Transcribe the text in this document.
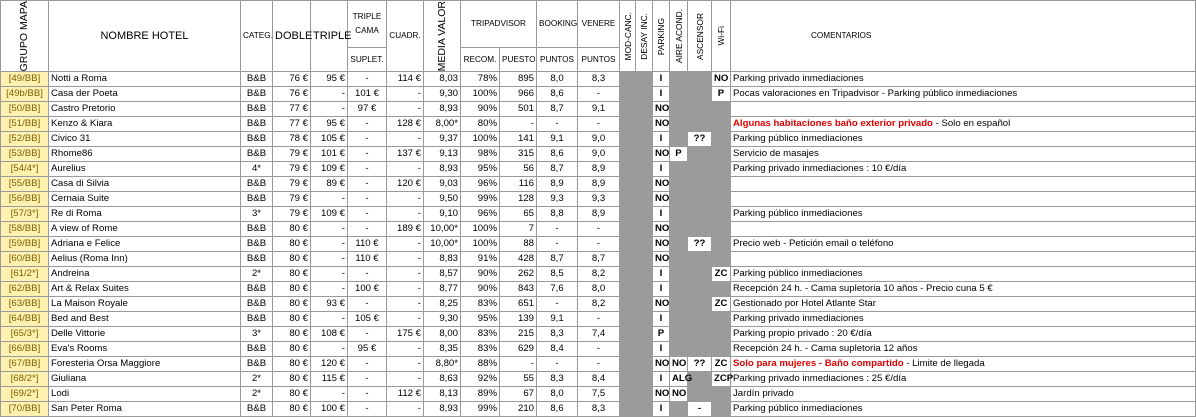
GRUPO MAPA	NOMBRE HOTEL	CATEG.	DOBLE	TRIPLE	TRIPLE
CAMA	CUADR.	MEDIA VALOR	TRIPADVISOR		BOOKING	VENERE	MOD-CANC.	DESAY INC.	PARKING	AIRE ACOND.	ASCENSOR	Wi-Fi	COMENTARIOS
					SUPLET.			RECOM.	PUESTO	PUNTOS	PUNTOS							
[49/BB]	Notti a Roma	B&B	76 €	95 €	-	114 €	8,03	78%	895	8,0	8,3			I			NO	Parking privado inmediaciones
[49b/BB]	Casa der Poeta	B&B	76 €	-	101 €	-	9,30	100%	966	8,6	-			I			P	Pocas valoraciones en Tripadvisor - Parking público inmediaciones
[50/BB]	Castro Pretorio	B&B	77 €	-	97 €	-	8,93	90%	501	8,7	9,1			NO				
[51/BB]	Kenzo & Kiara	B&B	77 €	95 €	-	128 €	8,00*	80%	-	-	-			NO				Algunas habitaciones baño exterior privado - Solo en español
[52/BB]	Civico 31	B&B	78 €	105 €	-	-	9,37	100%	141	9,1	9,0			I		??		Parking público inmediaciones
[53/BB]	Rhome86	B&B	79 €	101 €	-	137 €	9,13	98%	315	8,6	9,0			NO	P			Servicio de masajes
[54/4*]	Aurelius	4*	79 €	109 €	-	-	8,93	95%	56	8,7	8,9			I				Parking privado inmediaciones : 10 €/día
[55/BB]	Casa di Silvia	B&B	79 €	89 €	-	120 €	9,03	96%	116	8,9	8,9			NO				
[56/BB]	Cernaia Suite	B&B	79 €	-	-	-	9,50	99%	128	9,3	9,3			NO				
[57/3*]	Re di Roma	3*	79 €	109 €	-	-	9,10	96%	65	8,8	8,9			I				Parking público inmediaciones
[58/BB]	A view of Rome	B&B	80 €	-	-	189 €	10,00*	100%	7	-	-			NO				
[59/BB]	Adriana e Felice	B&B	80 €	-	110 €	-	10,00*	100%	88	-	-			NO		??		Precio web - Petición email o teléfono
[60/BB]	Aelius (Roma Inn)	B&B	80 €	-	110 €	-	8,83	91%	428	8,7	8,7			NO				
[61/2*]	Andreina	2*	80 €	-	-	-	8,57	90%	262	8,5	8,2			I			ZC	Parking público inmediaciones
[62/BB]	Art & Relax Suites	B&B	80 €	-	100 €	-	8,77	90%	843	7,6	8,0			I				Recepción 24 h. - Cama supletoria 10 años - Precio cuna 5 €
[63/BB]	La Maison Royale	B&B	80 €	93 €	-	-	8,25	83%	651	-	8,2			NO			ZC	Gestionado por Hotel Atlante Star
[64/BB]	Bed and Best	B&B	80 €	-	105 €	-	9,30	95%	139	9,1	-			I				Parking privado inmediaciones
[65/3*]	Delle Vittorie	3*	80 €	108 €	-	175 €	8,00	83%	215	8,3	7,4			P				Parking propio privado : 20 €/día
[66/BB]	Eva's Rooms	B&B	80 €	-	95 €	-	8,35	83%	629	8,4	-			I				Recepción 24 h. - Cama supletoria 12 años
[67/BB]	Foresteria Orsa Maggiore	B&B	80 €	120 €	-	-	8,80*	88%	-	-	-			NO	NO	??	ZC	Solo para mujeres - Baño compartido - Limite de llegada
[68/2*]	Giuliana	2*	80 €	115 €	-	-	8,63	92%	55	8,3	8,4			I	ALG		ZCP	Parking privado inmediaciones : 25 €/día
[69/2*]	Lodi	2*	80 €	-	-	112 €	8,13	89%	67	8,0	7,5			NO	NO			Jardín privado
[70/BB]	San Peter Roma	B&B	80 €	100 €	-	-	8,93	99%	210	8,6	8,3			I		-		Parking público inmediaciones
